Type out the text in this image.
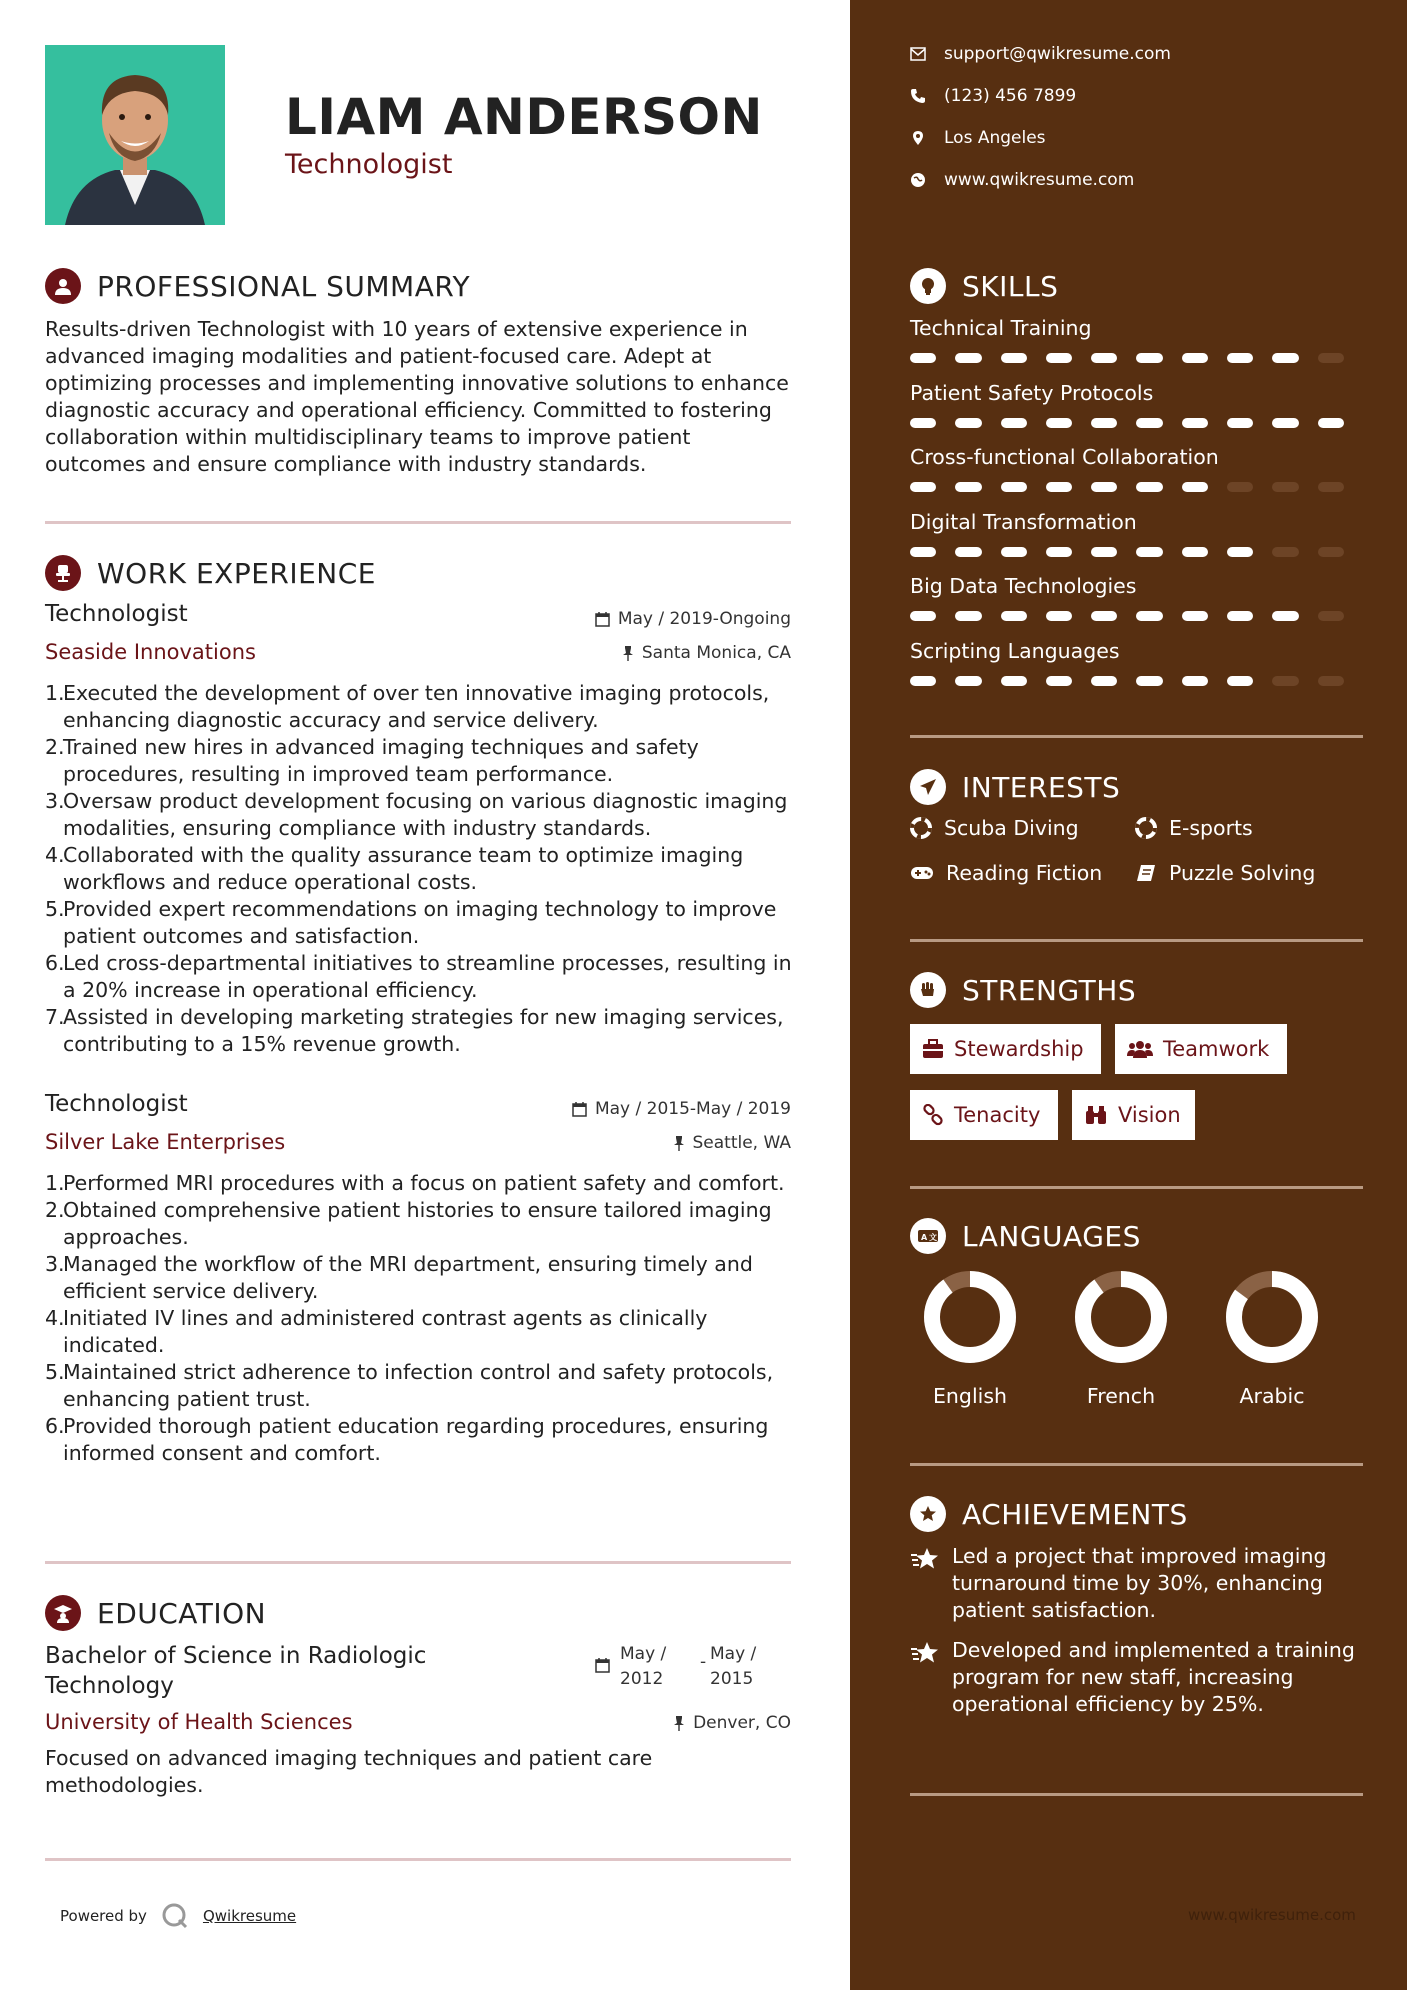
LIAM ANDERSON
Technologist
PROFESSIONAL SUMMARY
Results-driven Technologist with 10 years of extensive experience in advanced imaging modalities and patient-focused care. Adept at optimizing processes and implementing innovative solutions to enhance diagnostic accuracy and operational efficiency. Committed to fostering collaboration within multidisciplinary teams to improve patient outcomes and ensure compliance with industry standards.
WORK EXPERIENCE
Technologist	May / 2019-Ongoing
Seaside Innovations	Santa Monica, CA
1.
Executed the development of over ten innovative imaging protocols, enhancing diagnostic accuracy and service delivery.
2.
Trained new hires in advanced imaging techniques and safety procedures, resulting in improved team performance.
3.
Oversaw product development focusing on various diagnostic imaging modalities, ensuring compliance with industry standards.
4.
Collaborated with the quality assurance team to optimize imaging workflows and reduce operational costs.
5.
Provided expert recommendations on imaging technology to improve patient outcomes and satisfaction.
6.
Led cross-departmental initiatives to streamline processes, resulting in a 20% increase in operational efficiency.
7.
Assisted in developing marketing strategies for new imaging services, contributing to a 15% revenue growth.
Technologist	May / 2015-May / 2019
Silver Lake Enterprises	Seattle, WA
1.
Performed MRI procedures with a focus on patient safety and comfort.
2.
Obtained comprehensive patient histories to ensure tailored imaging approaches.
3.
Managed the workflow of the MRI department, ensuring timely and efficient service delivery.
4.
Initiated IV lines and administered contrast agents as clinically indicated.
5.
Maintained strict adherence to infection control and safety protocols, enhancing patient trust.
6.
Provided thorough patient education regarding procedures, ensuring informed consent and comfort.
EDUCATION
Bachelor of Science in Radiologic
Technology
May /
2012
- May /
2015
University of Health Sciences	Denver, CO
Focused on advanced imaging techniques and patient care methodologies.
Powered by	Qwikresume
support@qwikresume.com
(123) 456 7899
Los Angeles
www.qwikresume.com
SKILLS
Technical Training
Patient Safety Protocols
Cross-functional Collaboration
Digital Transformation
Big Data Technologies
Scripting Languages
INTERESTS
Scuba Diving	E-sports
Reading Fiction	Puzzle Solving
STRENGTHS
Stewardship	Teamwork
Tenacity	Vision
A 文 LANGUAGES
English	French	Arabic
ACHIEVEMENTS
Led a project that improved imaging turnaround time by 30%, enhancing patient satisfaction.
Developed and implemented a training program for new staff, increasing operational efficiency by 25%.
www.qwikresume.com
